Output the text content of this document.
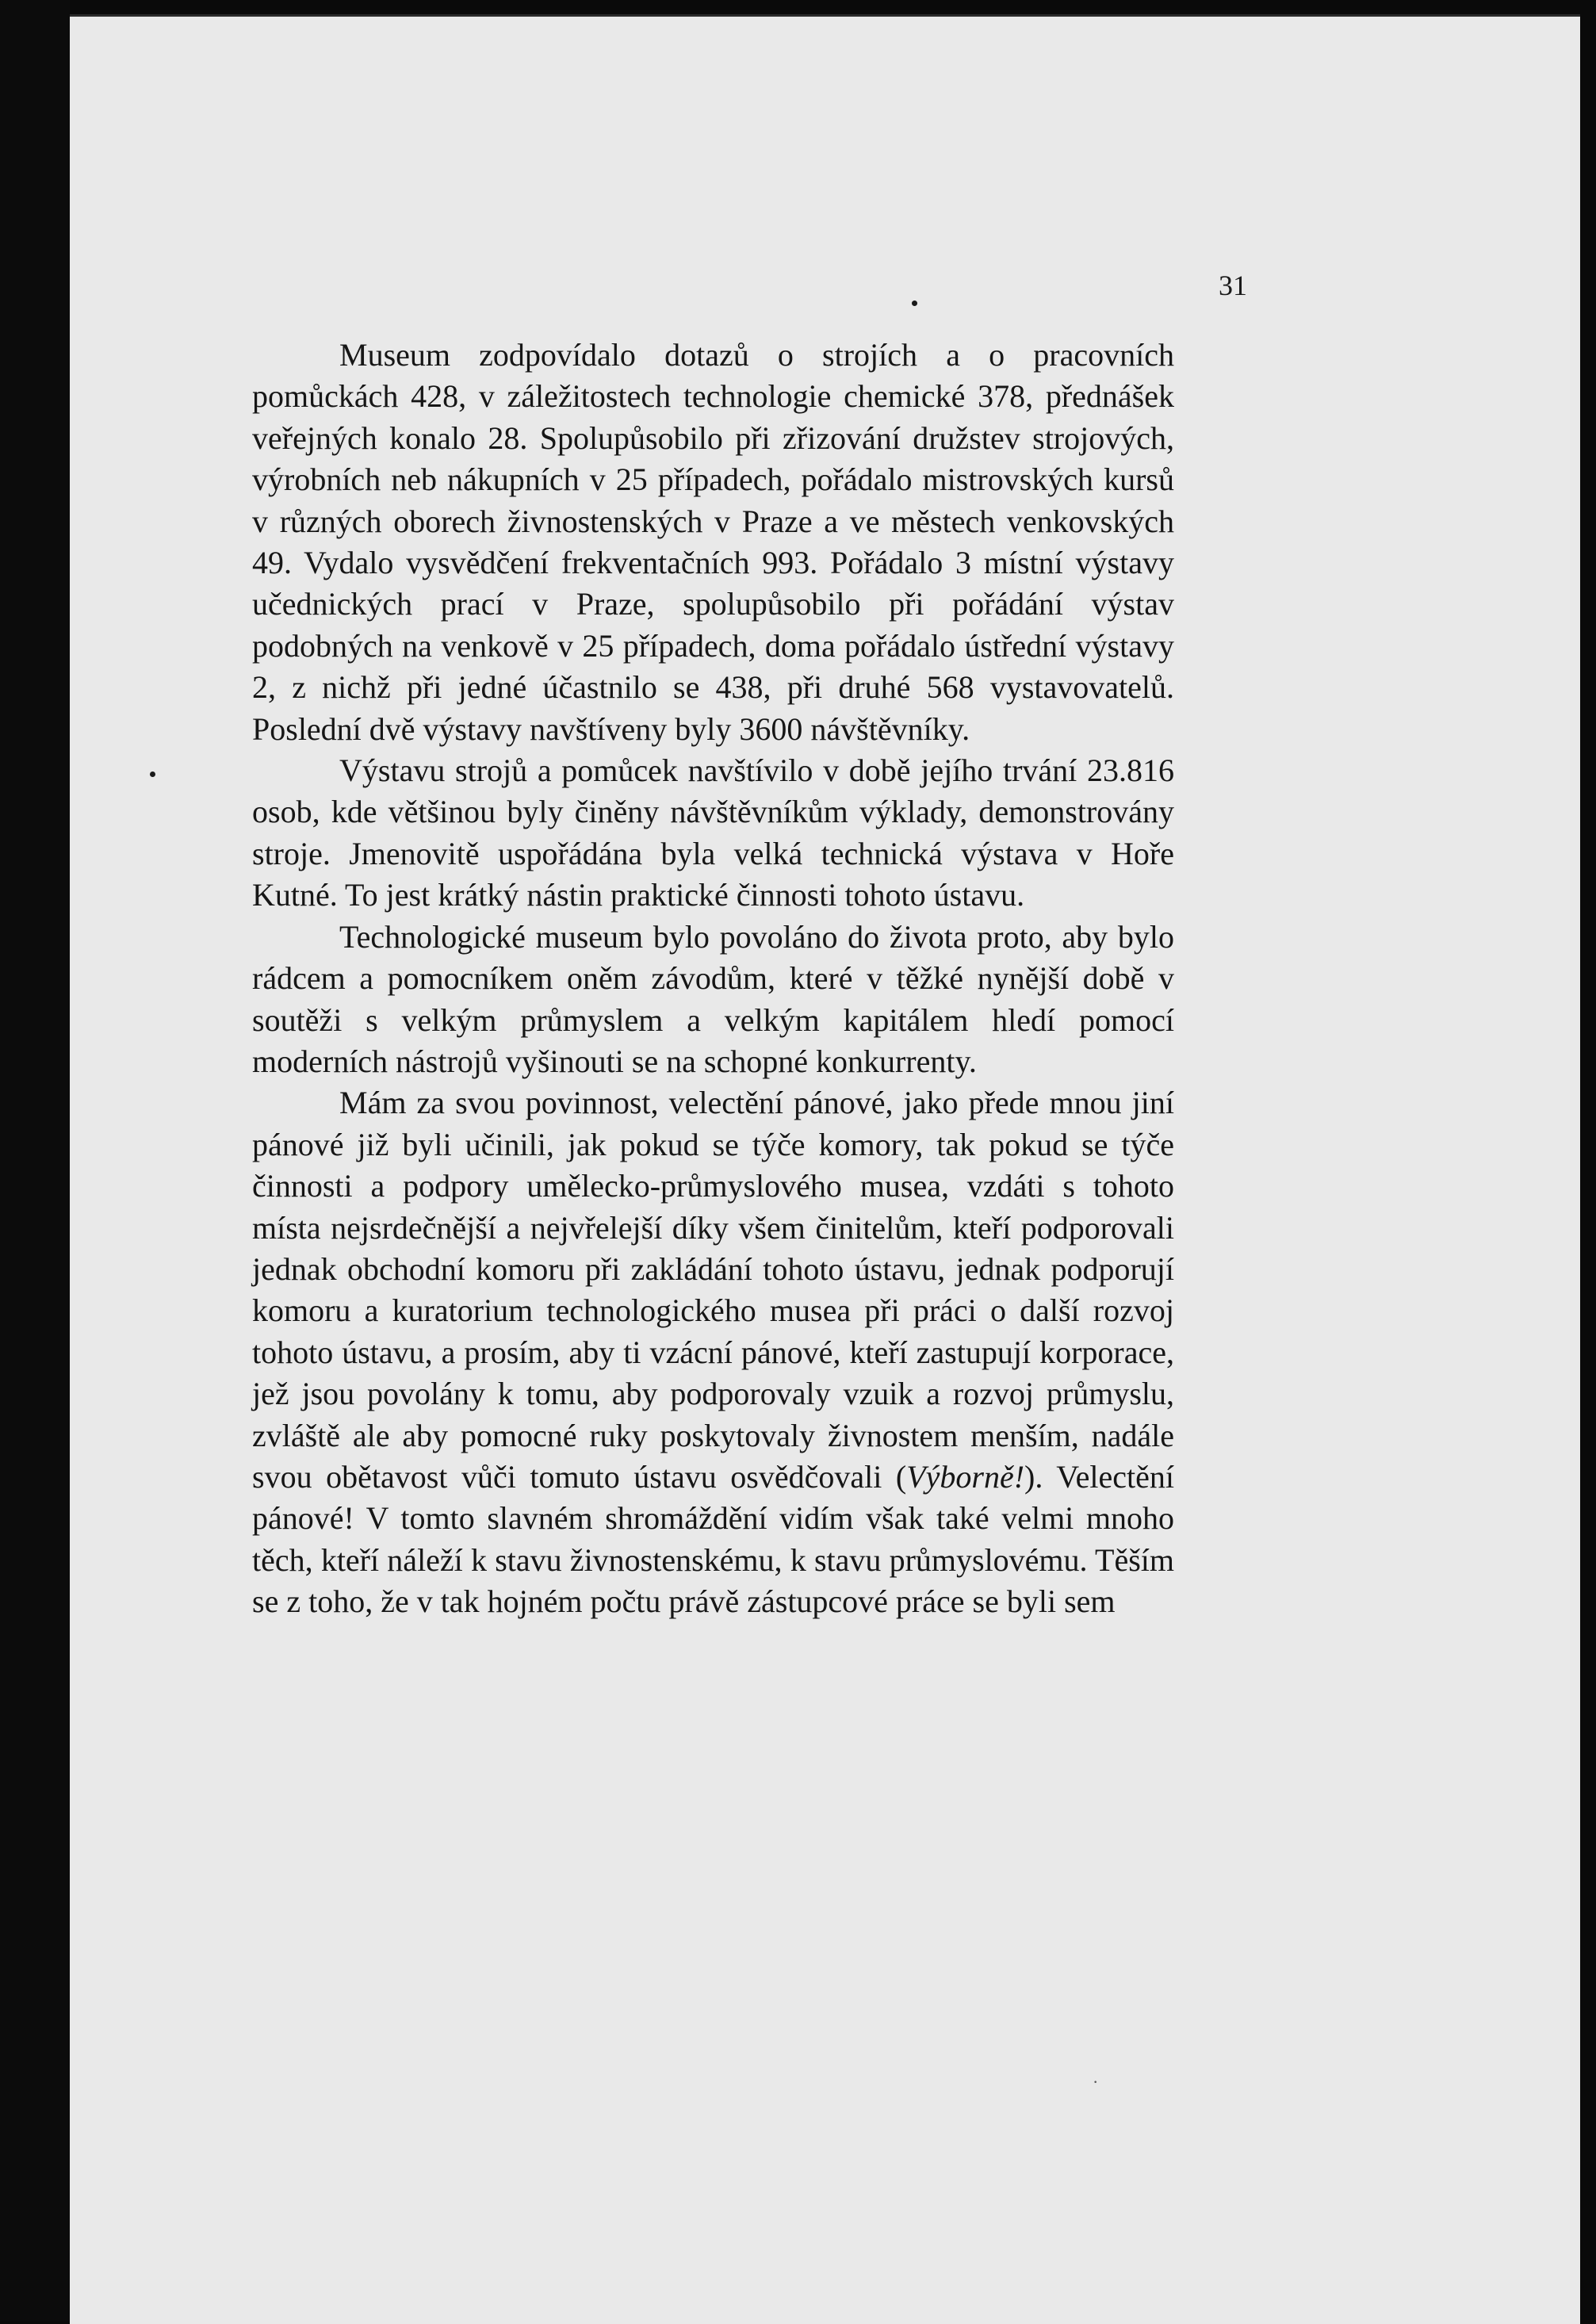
31
·

Museum zodpovídalo dotazů o strojích a o pracovních pomůckách 428, v záležitostech technologie chemické 378, přednášek veřejných konalo 28. Spolupůsobilo při zřizování družstev strojových, výrobních neb nákupních v 25 případech, pořádalo mistrovských kursů v různých oborech živnostenských v Praze a ve městech venkovských 49. Vydalo vysvědčení frekventačních 993. Pořádalo 3 místní výstavy učednických prací v Praze, spolupůsobilo při pořádání výstav podobných na venkově v 25 případech, doma pořádalo ústřední výstavy 2, z nichž při jedné účastnilo se 438, při druhé 568 vystavovatelů. Poslední dvě výstavy navštíveny byly 3600 návštěvníky.

Výstavu strojů a pomůcek navštívilo v době jejího trvání 23.816 osob, kde většinou byly činěny návštěvníkům výklady, demonstrovány stroje. Jmenovitě uspořádána byla velká technická výstava v Hoře Kutné. To jest krátký nástin praktické činnosti tohoto ústavu.

Technologické museum bylo povoláno do života proto, aby bylo rádcem a pomocníkem oněm závodům, které v těžké nynější době v soutěži s velkým průmyslem a velkým kapitálem hledí pomocí moderních nástrojů vyšinouti se na schopné konkurrenty.

Mám za svou povinnost, velectění pánové, jako přede mnou jiní pánové již byli učinili, jak pokud se týče komory, tak pokud se týče činnosti a podpory umělecko-průmyslového musea, vzdáti s tohoto místa nejsrdečnější a nejvřelejší díky všem činitelům, kteří podporovali jednak obchodní komoru při zakládání tohoto ústavu, jednak podporují komoru a kuratorium technologického musea při práci o další rozvoj tohoto ústavu, a prosím, aby ti vzácní pánové, kteří zastupují korporace, jež jsou povolány k tomu, aby podporovaly vzuik a rozvoj průmyslu, zvláště ale aby pomocné ruky poskytovaly živnostem menším, nadále svou obětavost vůči tomuto ústavu osvědčovali (Výborně!). Velectění pánové! V tomto slavném shromáždění vidím však také velmi mnoho těch, kteří náleží k stavu živnostenskému, k stavu průmyslovému. Těším se z toho, že v tak hojném počtu právě zástupcové práce se byli sem
